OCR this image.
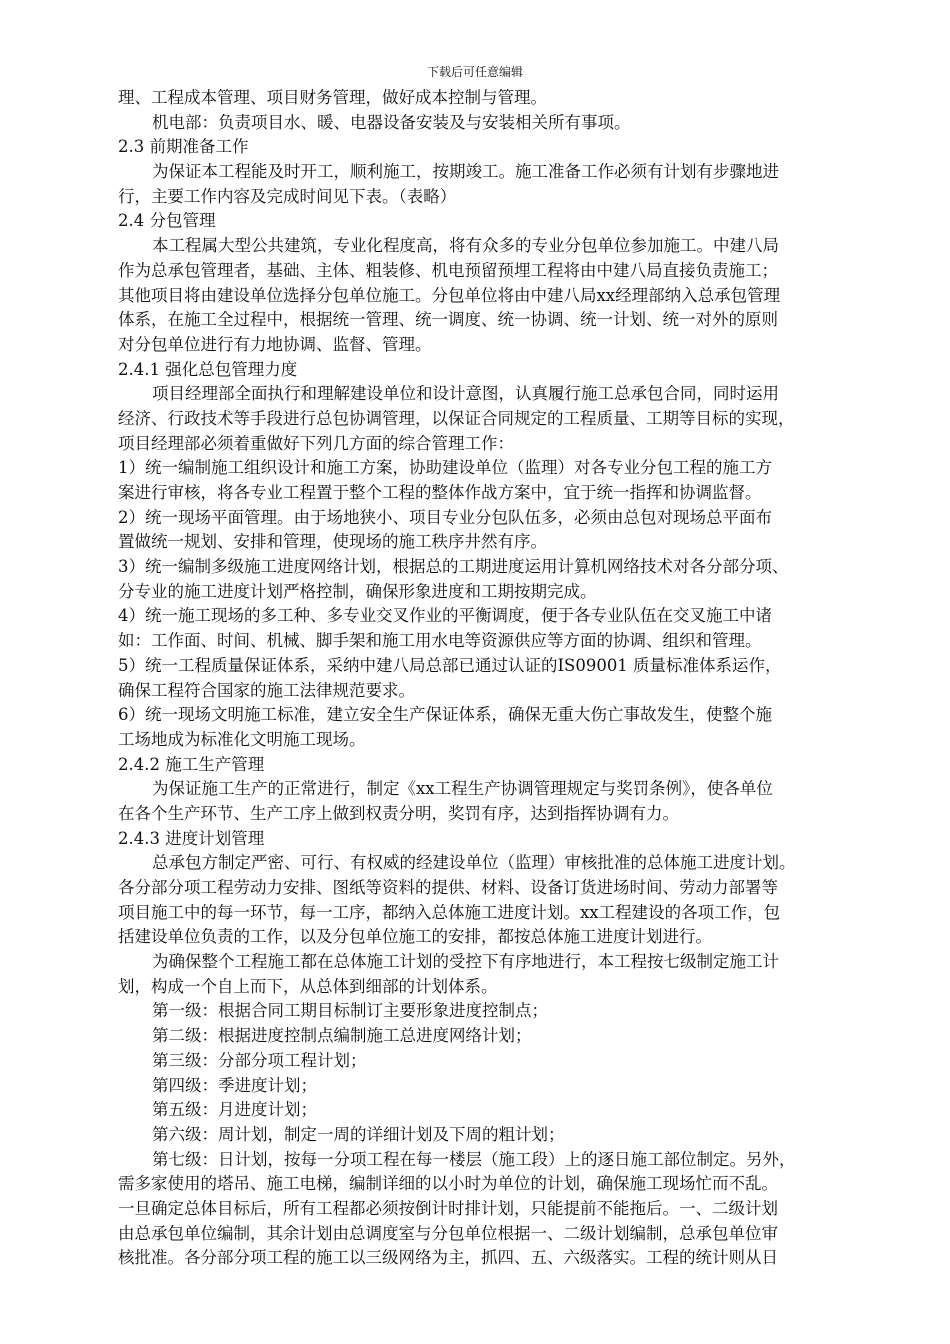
下载后可任意编辑
理、工程成本管理、项目财务管理，做好成本控制与管理。
机电部：负责项目水、暖、电器设备安装及与安装相关所有事项。
2.3 前期准备工作
为保证本工程能及时开工，顺利施工，按期竣工。施工准备工作必须有计划有步骤地进
行，主要工作内容及完成时间见下表。（表略）
2.4 分包管理
本工程属大型公共建筑，专业化程度高，将有众多的专业分包单位参加施工。中建八局
作为总承包管理者，基础、主体、粗装修、机电预留预埋工程将由中建八局直接负责施工；
其他项目将由建设单位选择分包单位施工。分包单位将由中建八局xx经理部纳入总承包管理
体系，在施工全过程中，根据统一管理、统一调度、统一协调、统一计划、统一对外的原则
对分包单位进行有力地协调、监督、管理。
2.4.1 强化总包管理力度
项目经理部全面执行和理解建设单位和设计意图，认真履行施工总承包合同，同时运用
经济、行政技术等手段进行总包协调管理，以保证合同规定的工程质量、工期等目标的实现，
项目经理部必须着重做好下列几方面的综合管理工作：
1）统一编制施工组织设计和施工方案，协助建设单位（监理）对各专业分包工程的施工方
案进行审核，将各专业工程置于整个工程的整体作战方案中，宜于统一指挥和协调监督。
2）统一现场平面管理。由于场地狭小、项目专业分包队伍多，必须由总包对现场总平面布
置做统一规划、安排和管理，使现场的施工秩序井然有序。
3）统一编制多级施工进度网络计划，根据总的工期进度运用计算机网络技术对各分部分项、
分专业的施工进度计划严格控制，确保形象进度和工期按期完成。
4）统一施工现场的多工种、多专业交叉作业的平衡调度，便于各专业队伍在交叉施工中诸
如：工作面、时间、机械、脚手架和施工用水电等资源供应等方面的协调、组织和管理。
5）统一工程质量保证体系，采纳中建八局总部已通过认证的IS09001 质量标准体系运作，
确保工程符合国家的施工法律规范要求。
6）统一现场文明施工标准，建立安全生产保证体系，确保无重大伤亡事故发生，使整个施
工场地成为标准化文明施工现场。
2.4.2 施工生产管理
为保证施工生产的正常进行，制定《xx工程生产协调管理规定与奖罚条例》，使各单位
在各个生产环节、生产工序上做到权责分明，奖罚有序，达到指挥协调有力。
2.4.3 进度计划管理
总承包方制定严密、可行、有权威的经建设单位（监理）审核批准的总体施工进度计划。
各分部分项工程劳动力安排、图纸等资料的提供、材料、设备订货进场时间、劳动力部署等
项目施工中的每一环节，每一工序，都纳入总体施工进度计划。xx工程建设的各项工作，包
括建设单位负责的工作，以及分包单位施工的安排，都按总体施工进度计划进行。
为确保整个工程施工都在总体施工计划的受控下有序地进行，本工程按七级制定施工计
划，构成一个自上而下，从总体到细部的计划体系。
第一级：根据合同工期目标制订主要形象进度控制点；
第二级：根据进度控制点编制施工总进度网络计划；
第三级：分部分项工程计划；
第四级：季进度计划；
第五级：月进度计划；
第六级：周计划，制定一周的详细计划及下周的粗计划；
第七级：日计划，按每一分项工程在每一楼层（施工段）上的逐日施工部位制定。另外，
需多家使用的塔吊、施工电梯，编制详细的以小时为单位的计划，确保施工现场忙而不乱。
一旦确定总体目标后，所有工程都必须按倒计时排计划，只能提前不能拖后。一、二级计划
由总承包单位编制，其余计划由总调度室与分包单位根据一、二级计划编制，总承包单位审
核批准。各分部分项工程的施工以三级网络为主，抓四、五、六级落实。工程的统计则从日
